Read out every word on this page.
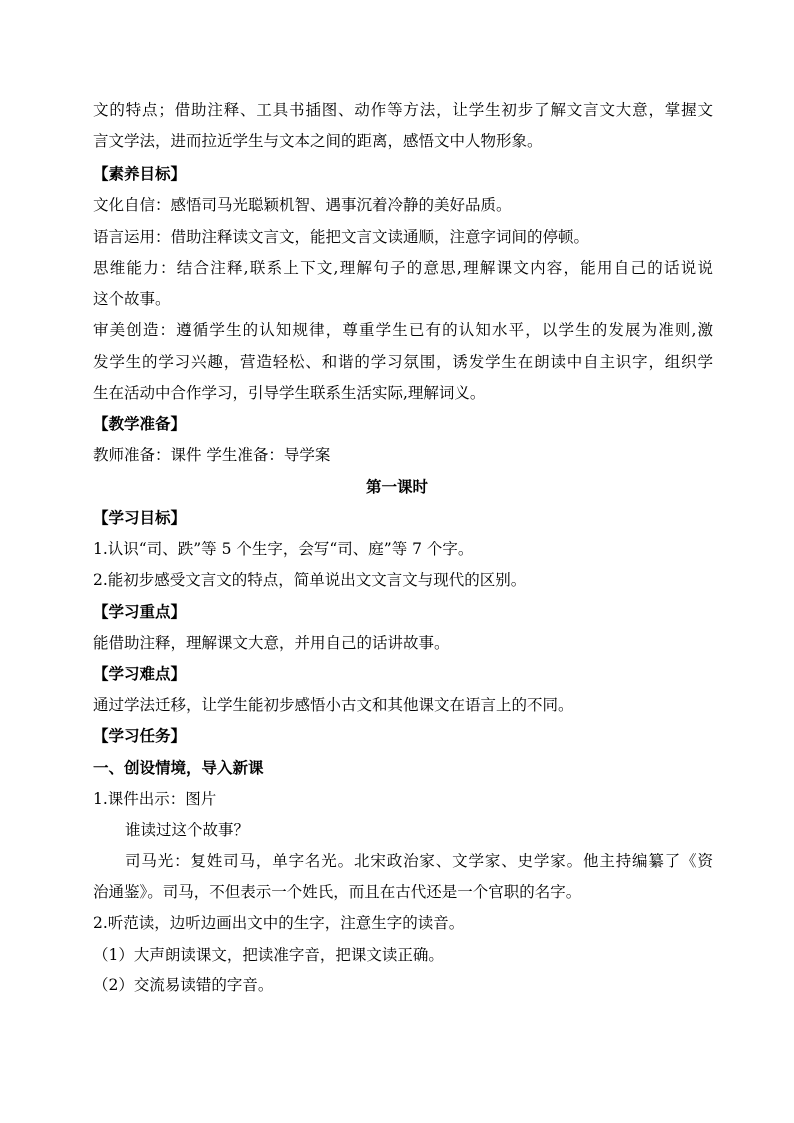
文的特点；借助注释、工具书插图、动作等方法，让学生初步了解文言文大意，掌握文
言文学法，进而拉近学生与文本之间的距离，感悟文中人物形象。
【素养目标】
文化自信：感悟司马光聪颖机智、遇事沉着冷静的美好品质。
语言运用：借助注释读文言文，能把文言文读通顺，注意字词间的停顿。
思维能力：结合注释,联系上下文,理解句子的意思,理解课文内容，能用自己的话说说
这个故事。
审美创造：遵循学生的认知规律，尊重学生已有的认知水平，以学生的发展为准则,激
发学生的学习兴趣，营造轻松、和谐的学习氛围，诱发学生在朗读中自主识字，组织学
生在活动中合作学习，引导学生联系生活实际,理解词义。
【教学准备】
教师准备：课件 学生准备：导学案
第一课时
【学习目标】
1.认识“司、跌”等 5 个生字，会写“司、庭”等 7 个字。
2.能初步感受文言文的特点，简单说出文文言文与现代的区别。
【学习重点】
能借助注释，理解课文大意，并用自己的话讲故事。
【学习难点】
通过学法迁移，让学生能初步感悟小古文和其他课文在语言上的不同。
【学习任务】
一、创设情境，导入新课
1.课件出示：图片
谁读过这个故事？
司马光：复姓司马，单字名光。北宋政治家、文学家、史学家。他主持编纂了《资
治通鉴》。司马，不但表示一个姓氏，而且在古代还是一个官职的名字。
2.听范读，边听边画出文中的生字，注意生字的读音。
（1）大声朗读课文，把读准字音，把课文读正确。
（2）交流易读错的字音。
